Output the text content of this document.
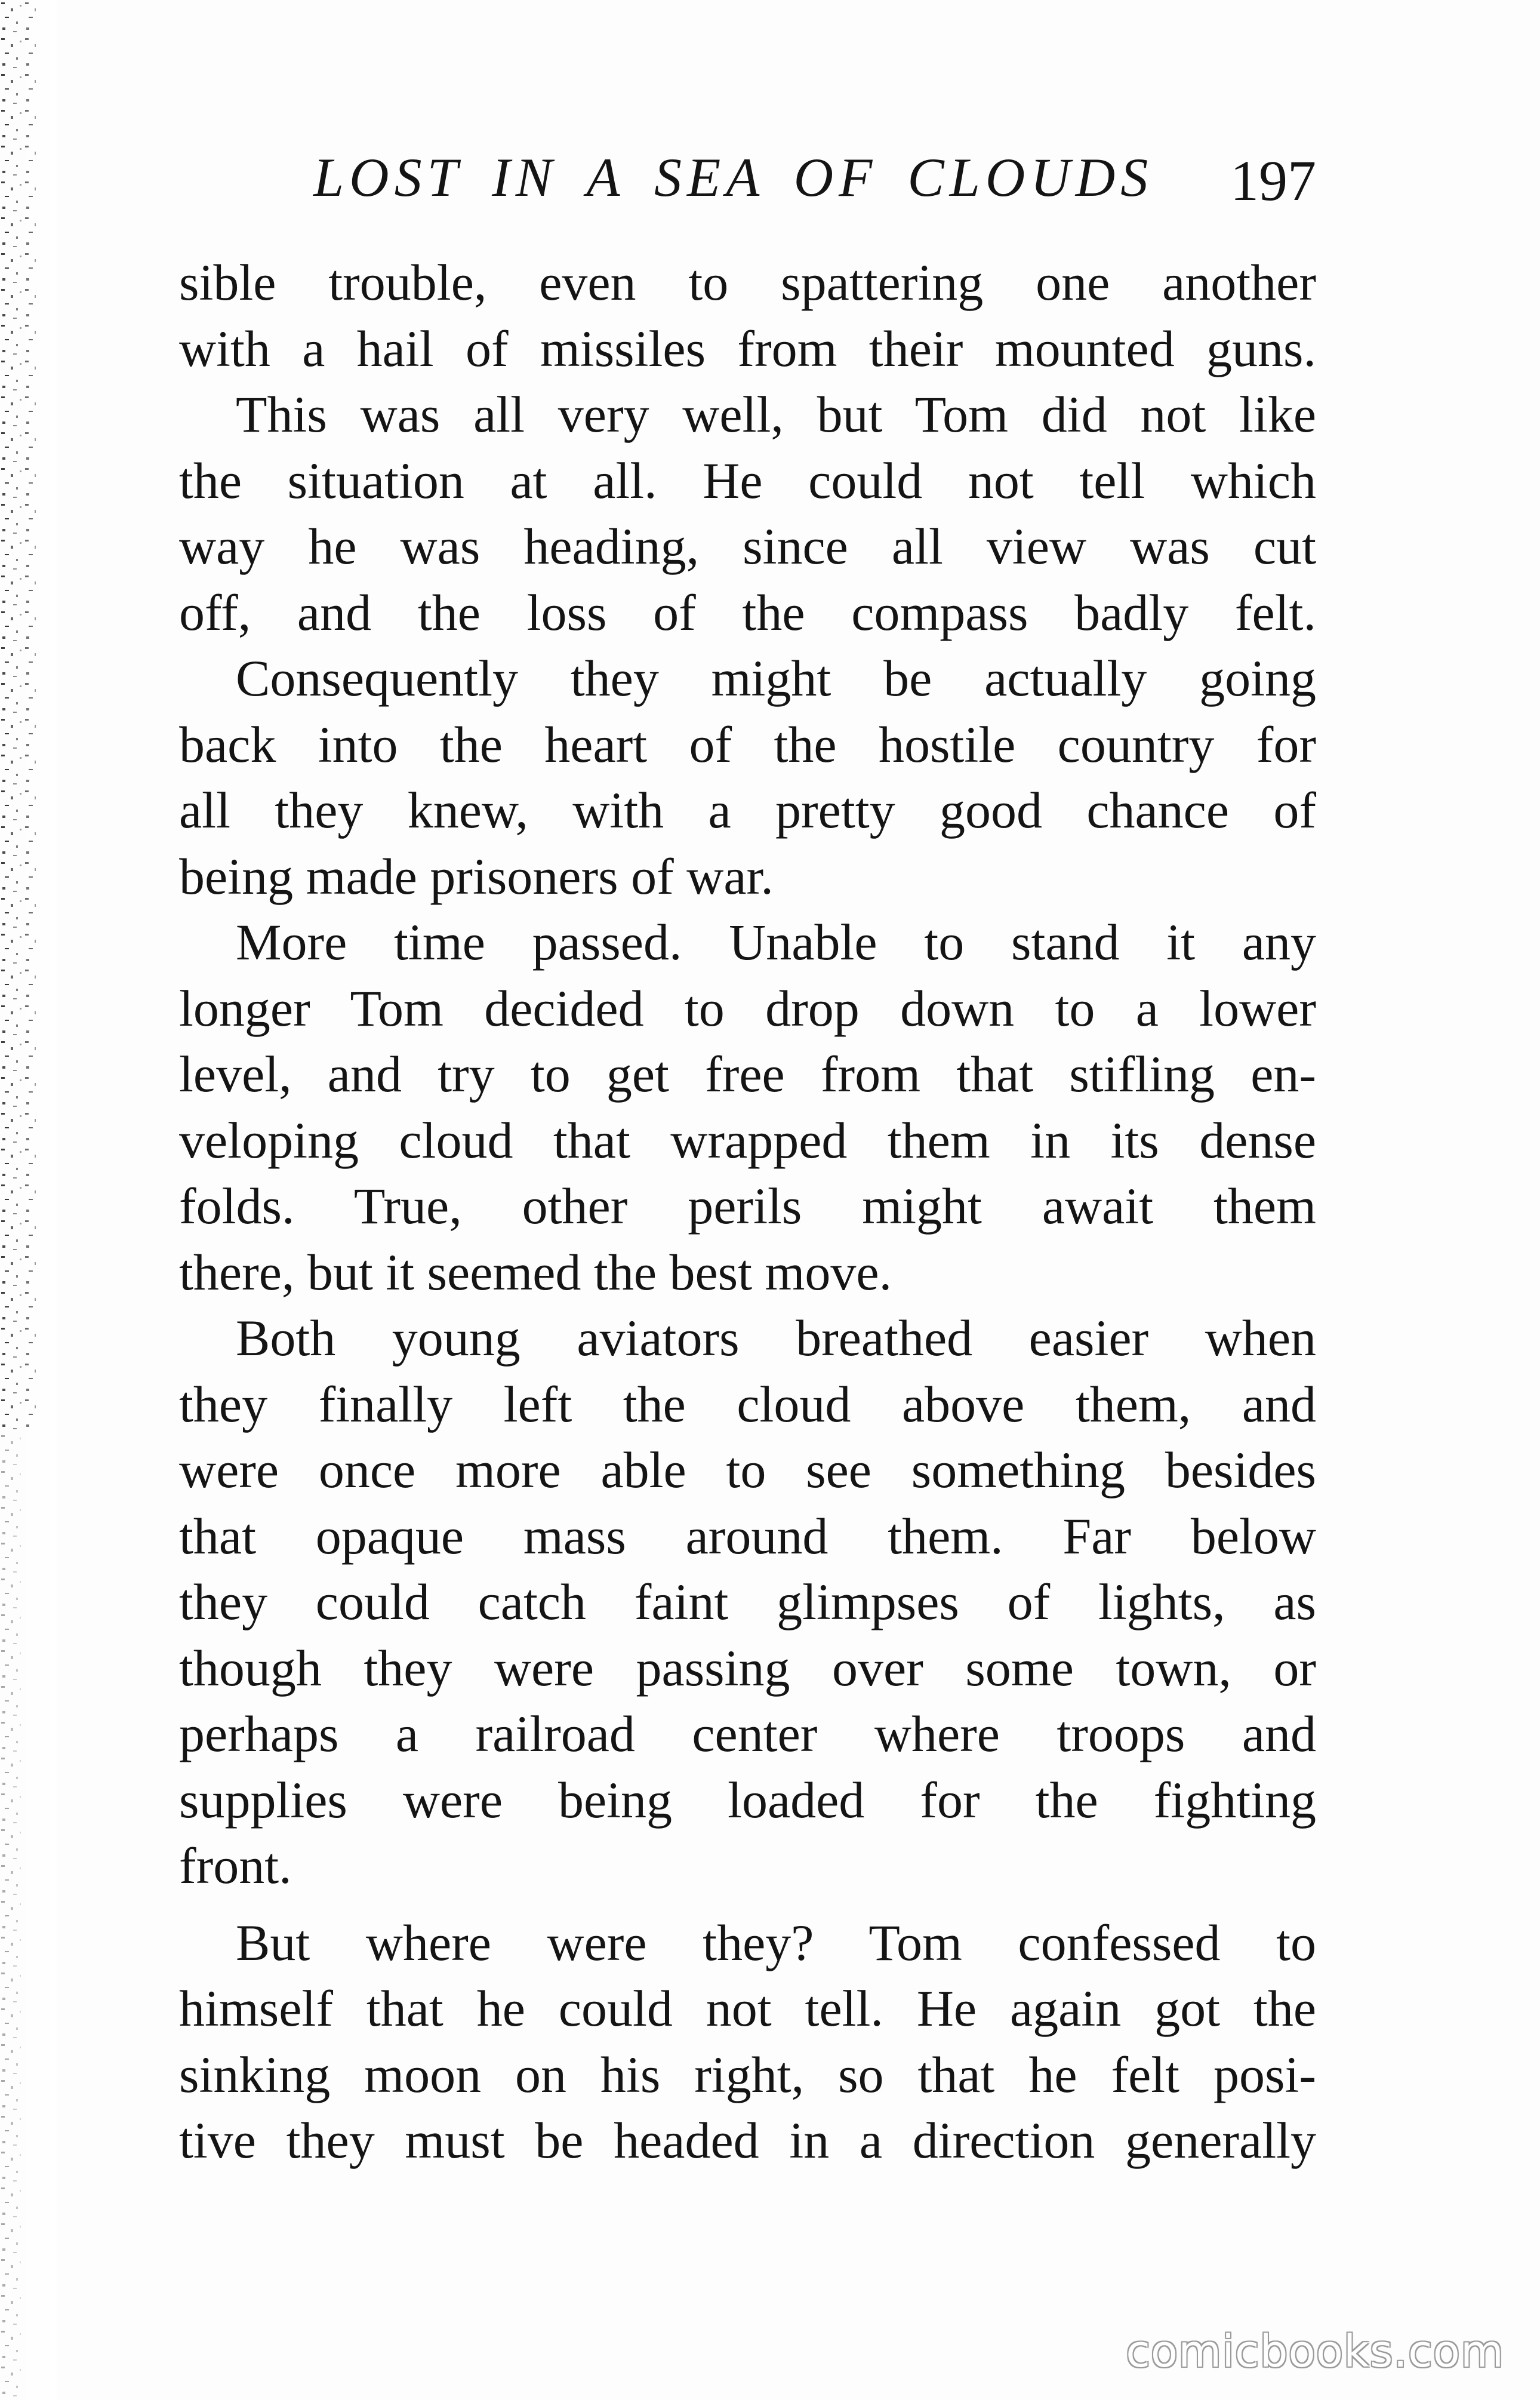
LOST IN A SEA OF CLOUDS 197

sible trouble, even to spattering one another
with a hail of missiles from their mounted guns.

This was all very well, but Tom did not like
the situation at all. He could not tell which
way he was heading, since all view was cut
off, and the loss of the compass badly felt.

Consequently they might be actually going
back into the heart of the hostile country for
all they knew, with a pretty good chance of
being made prisoners of war.

More time passed. Unable to stand it any
longer Tom decided to drop down to a lower
level, and try to get free from that stifling en-
veloping cloud that wrapped them in its dense
folds. True, other perils might await them
there, but it seemed the best move.

Both young aviators breathed easier when
they finally left the cloud above them, and
were once more able to see something besides
that opaque mass around them. Far below
they could catch faint glimpses of lights, as
though they were passing over some town, or
perhaps a railroad center where troops and
supplies were being loaded for the fighting
front.

But where were they? Tom confessed to
himself that he could not tell. He again got the
sinking moon on his right, so that he felt posi-
tive they must be headed in a direction generally

comicbooks.com
